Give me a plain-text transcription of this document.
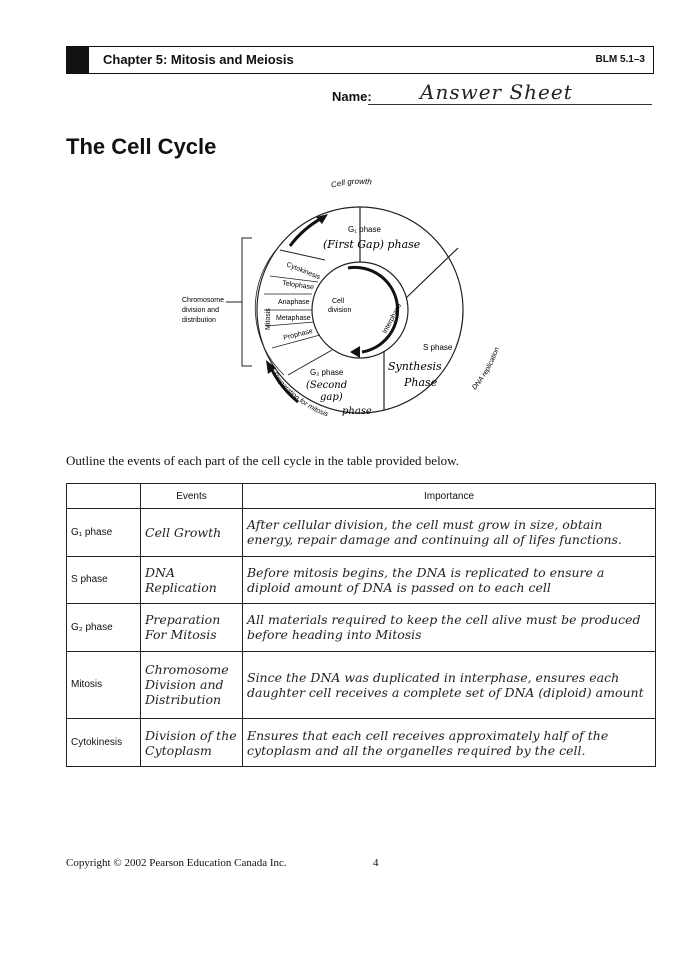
Chapter 5: Mitosis and Meiosis	BLM 5.1–3
Name: Answer Sheet
The Cell Cycle
Cell growth
G₁ phase
(First Gap) phase
S phase
Synthesis
Phase
G₂ phase
(Second
gap)
phase
Preparation for mitosis
DNA replication
Interphase
Cell
division
Mitosis
Cytokinesis
Telophase
Anaphase
Metaphase
Prophase
Chromosome
division and
distribution
Outline the events of each part of the cell cycle in the table provided below.
	Events	Importance
G₁ phase	Cell Growth	After cellular division, the cell must grow in size, obtain energy, repair damage and continuing all of lifes functions.
S phase	DNA Replication	Before mitosis begins, the DNA is replicated to ensure a diploid amount of DNA is passed on to each cell
G₂ phase	Preparation For Mitosis	All materials required to keep the cell alive must be produced before heading into Mitosis
Mitosis	Chromosome Division and Distribution	Since the DNA was duplicated in interphase, ensures each daughter cell receives a complete set of DNA (diploid) amount
Cytokinesis	Division of the Cytoplasm	Ensures that each cell receives approximately half of the cytoplasm and all the organelles required by the cell.
Copyright © 2002 Pearson Education Canada Inc.	4
